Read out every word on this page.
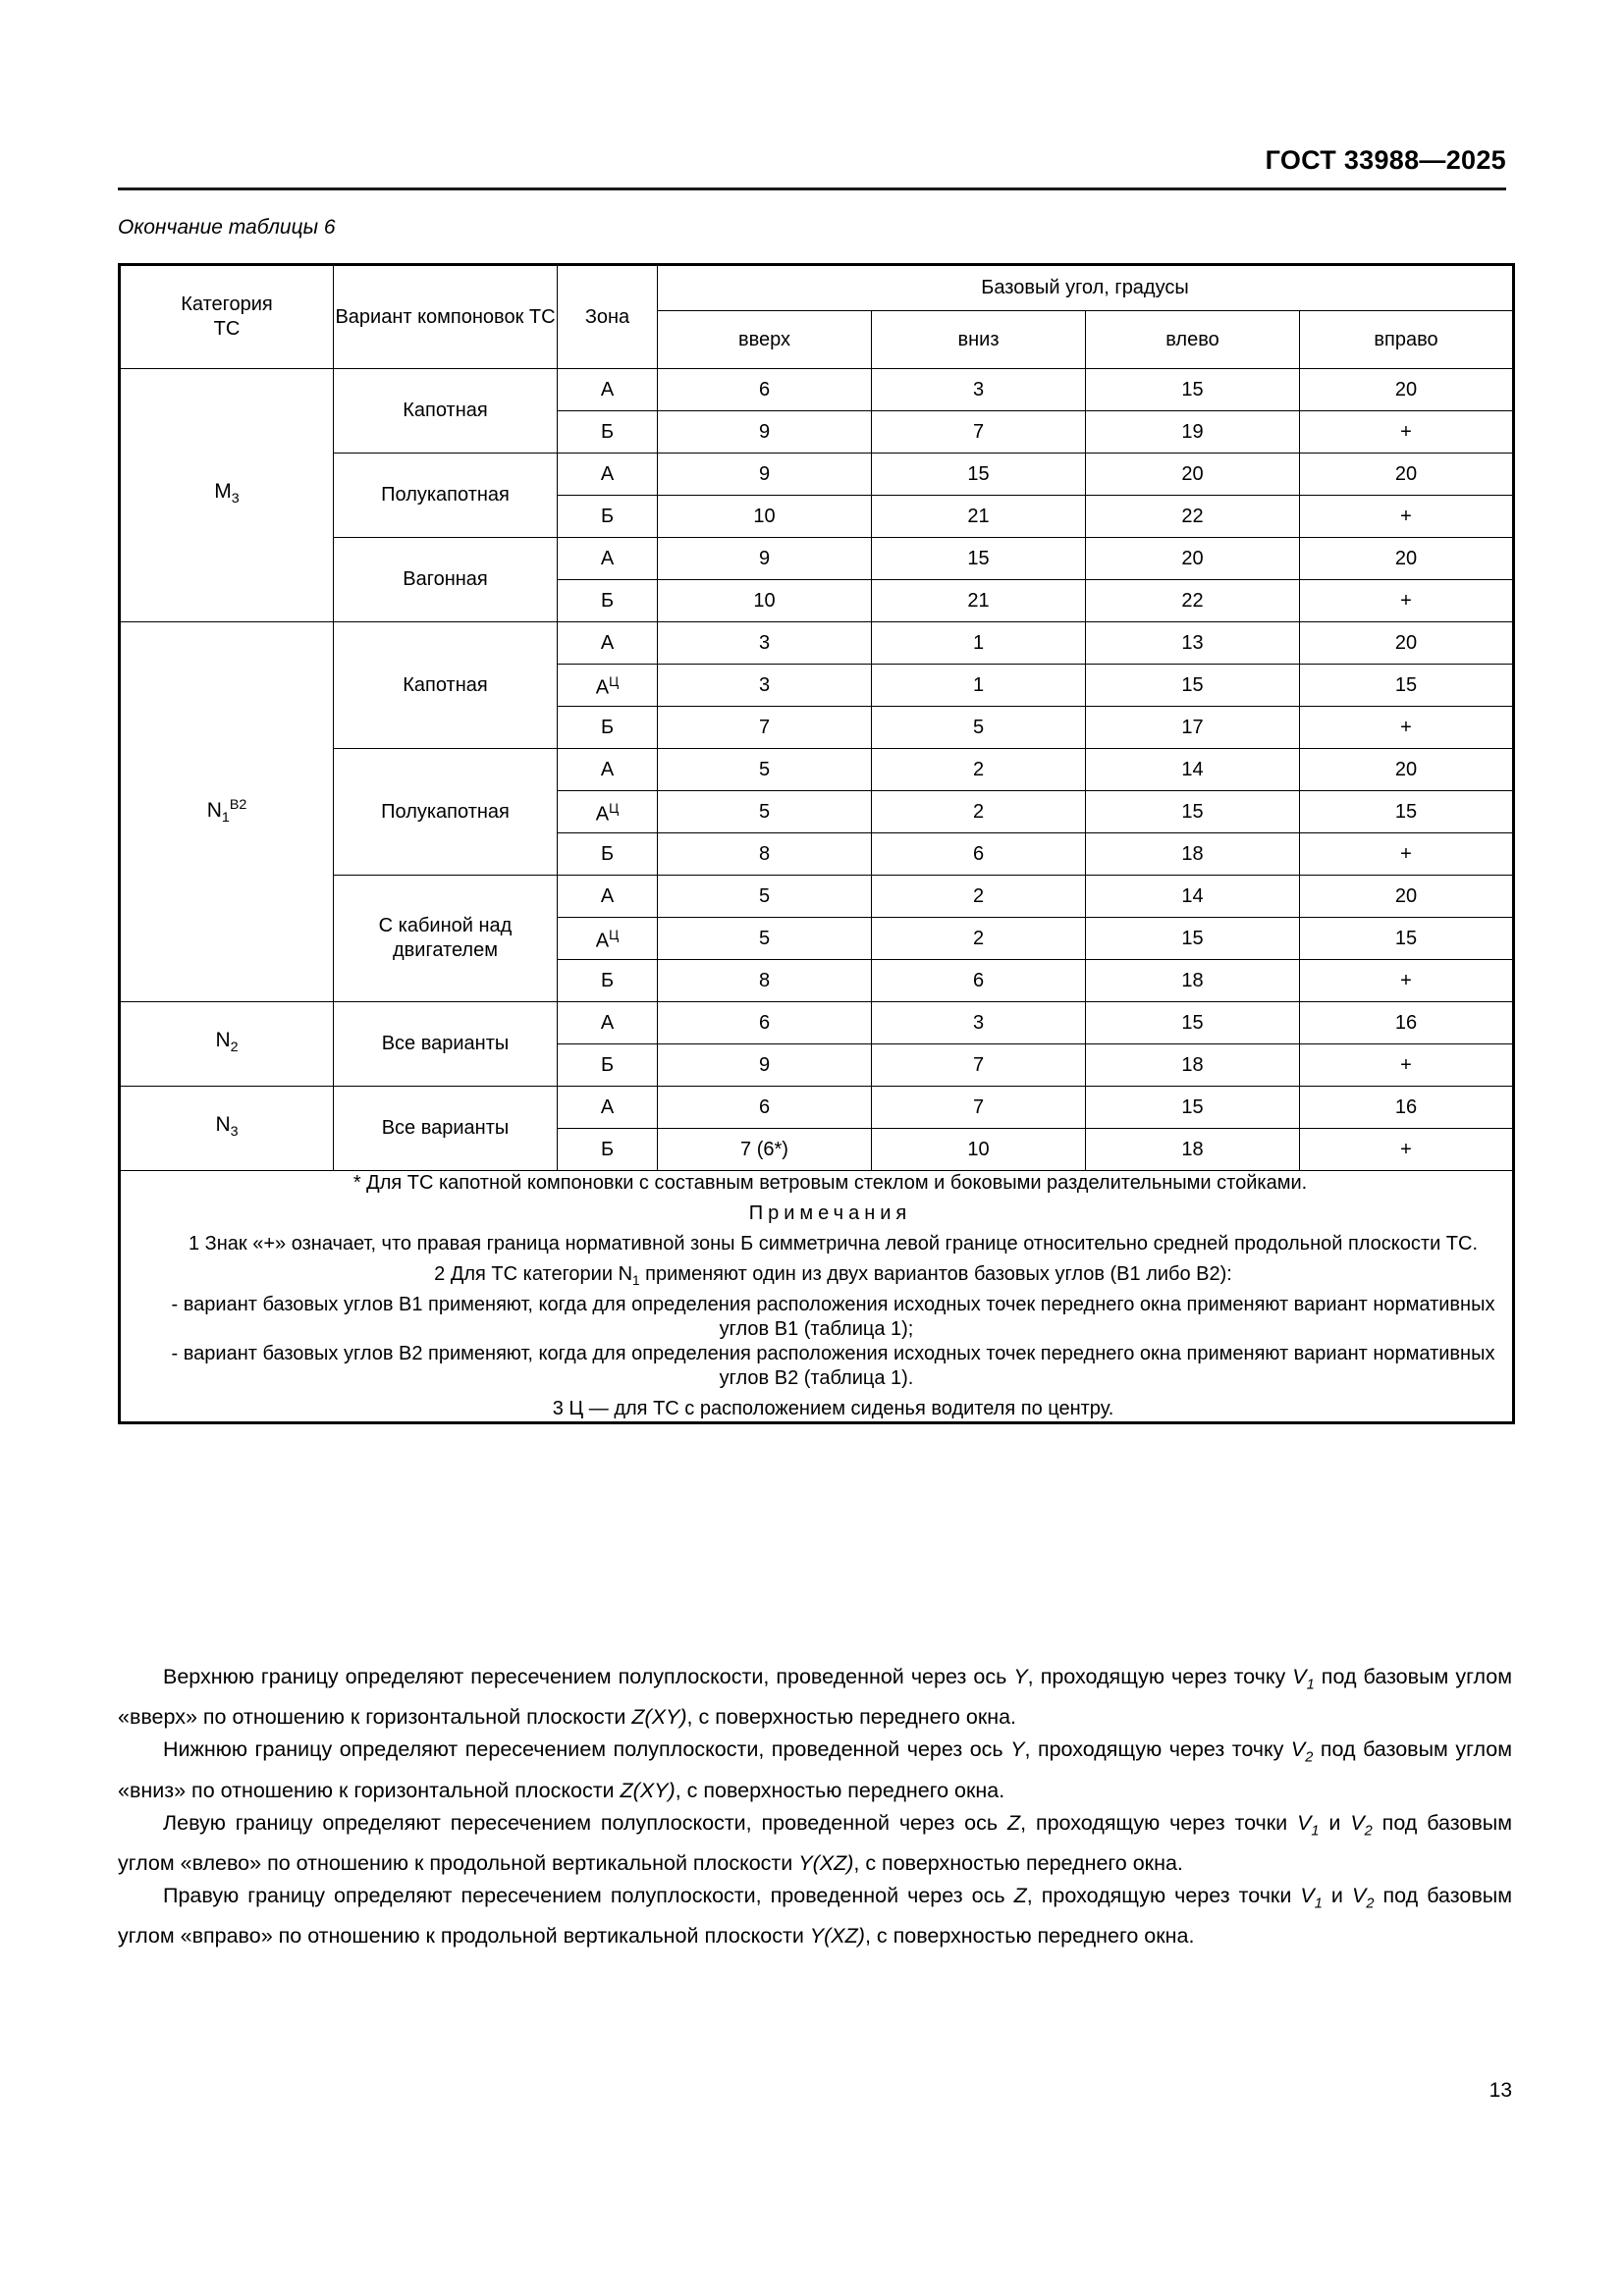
ГОСТ 33988—2025
Окончание таблицы 6
Категория
ТС	Вариант компоновок ТС	Зона	Базовый угол, градусы			
			вверх	вниз	влево	вправо
$M_3$	Капотная	А	6	3	15	20
		Б	9	7	19	+
	Полукапотная	А	9	15	20	20
		Б	10	21	22	+
	Вагонная	А	9	15	20	20
		Б	10	21	22	+
$N_1^{B2}$	Капотная	А	3	1	13	20
		$А^Ц$	3	1	15	15
		Б	7	5	17	+
	Полукапотная	А	5	2	14	20
		$А^Ц$	5	2	15	15
		Б	8	6	18	+
	С кабиной над двигателем	А	5	2	14	20
		$А^Ц$	5	2	15	15
		Б	8	6	18	+
$N_2$	Все варианты	А	6	3	15	16
		Б	9	7	18	+
$N_3$	Все варианты	А	6	7	15	16
		Б	7 (6*)	10	18	+

* Для ТС капотной компоновки с составным ветровым стеклом и боковыми разделительными стойками.

Примечания

1 Знак «+» означает, что правая граница нормативной зоны Б симметрична левой границе относительно средней продольной плоскости ТС.

2 Для ТС категории $N_1$ применяют один из двух вариантов базовых углов (В1 либо В2):

- вариант базовых углов В1 применяют, когда для определения расположения исходных точек переднего окна применяют вариант нормативных углов В1 (таблица 1);

- вариант базовых углов В2 применяют, когда для определения расположения исходных точек переднего окна применяют вариант нормативных углов В2 (таблица 1).

3 Ц — для ТС с расположением сиденья водителя по центру.

Верхнюю границу определяют пересечением полуплоскости, проведенной через ось Y, проходящую через точку $V_1$ под базовым углом «вверх» по отношению к горизонтальной плоскости Z(XY), с поверхностью переднего окна.

Нижнюю границу определяют пересечением полуплоскости, проведенной через ось Y, проходящую через точку $V_2$ под базовым углом «вниз» по отношению к горизонтальной плоскости Z(XY), с поверхностью переднего окна.

Левую границу определяют пересечением полуплоскости, проведенной через ось Z, проходящую через точки $V_1$ и $V_2$ под базовым углом «влево» по отношению к продольной вертикальной плоскости Y(XZ), с поверхностью переднего окна.

Правую границу определяют пересечением полуплоскости, проведенной через ось Z, проходящую через точки $V_1$ и $V_2$ под базовым углом «вправо» по отношению к продольной вертикальной плоскости Y(XZ), с поверхностью переднего окна.

13
